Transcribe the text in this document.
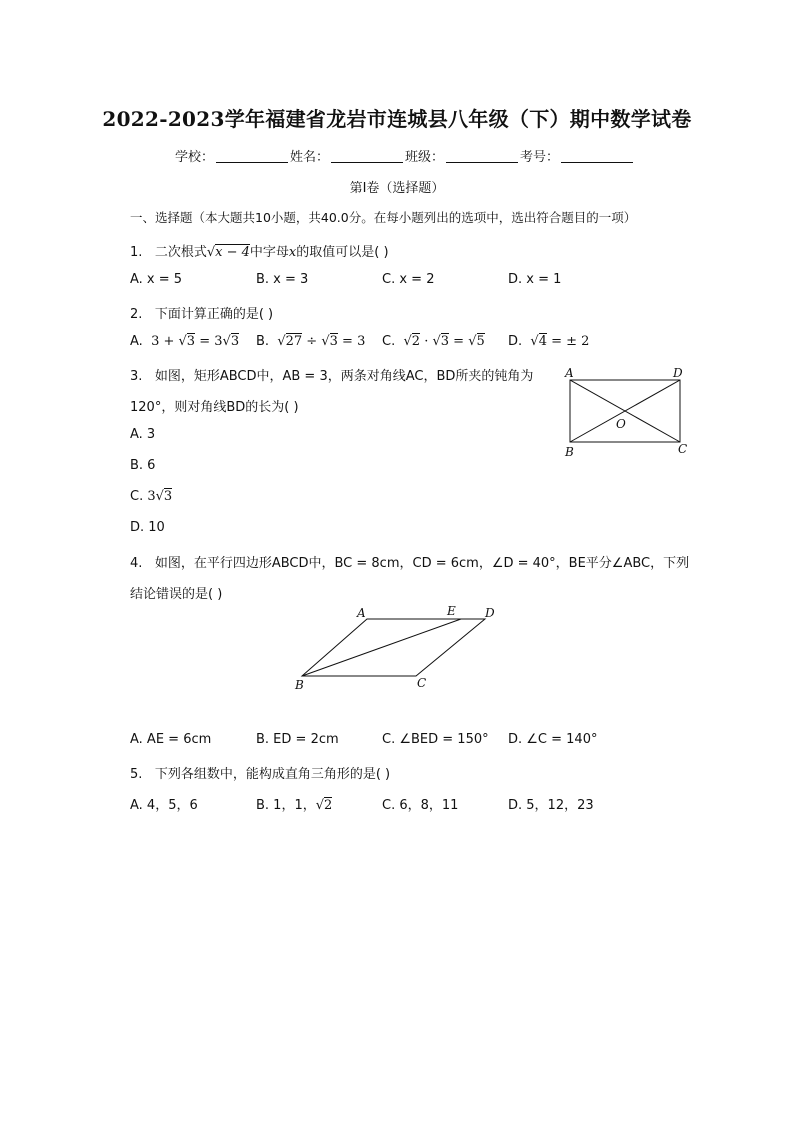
2022-2023学年福建省龙岩市连城县八年级（下）期中数学试卷
学校：	姓名：	班级：	考号：
第I卷（选择题）
一、选择题（本大题共10小题，共40.0分。在每小题列出的选项中，选出符合题目的一项）
1. 二次根式√x − 4中字母x的取值可以是( )
A. x = 5	B. x = 3	C. x = 2	D. x = 1
2. 下面计算正确的是( )
A. 3 + √3 = 3√3 B. √27 ÷ √3 = 3 C. √2 · √3 = √5 D. √4 = ± 2
3. 如图，矩形ABCD中，AB = 3，两条对角线AC，BD所夹的钝角为
120°，则对角线BD的长为( )
A. 3
B. 6
C. 3√3
D. 10
A	D
B	C
O
4. 如图，在平行四边形ABCD中，BC = 8cm，CD = 6cm，∠D = 40°，BE平分∠ABC，下列
结论错误的是( )
A	E D
B	C
A. AE = 6cm	B. ED = 2cm	C. ∠BED = 150° D. ∠C = 140°
5. 下列各组数中，能构成直角三角形的是( )
A. 4，5，6	B. 1，1，√2	C. 6，8，11	D. 5，12，23
